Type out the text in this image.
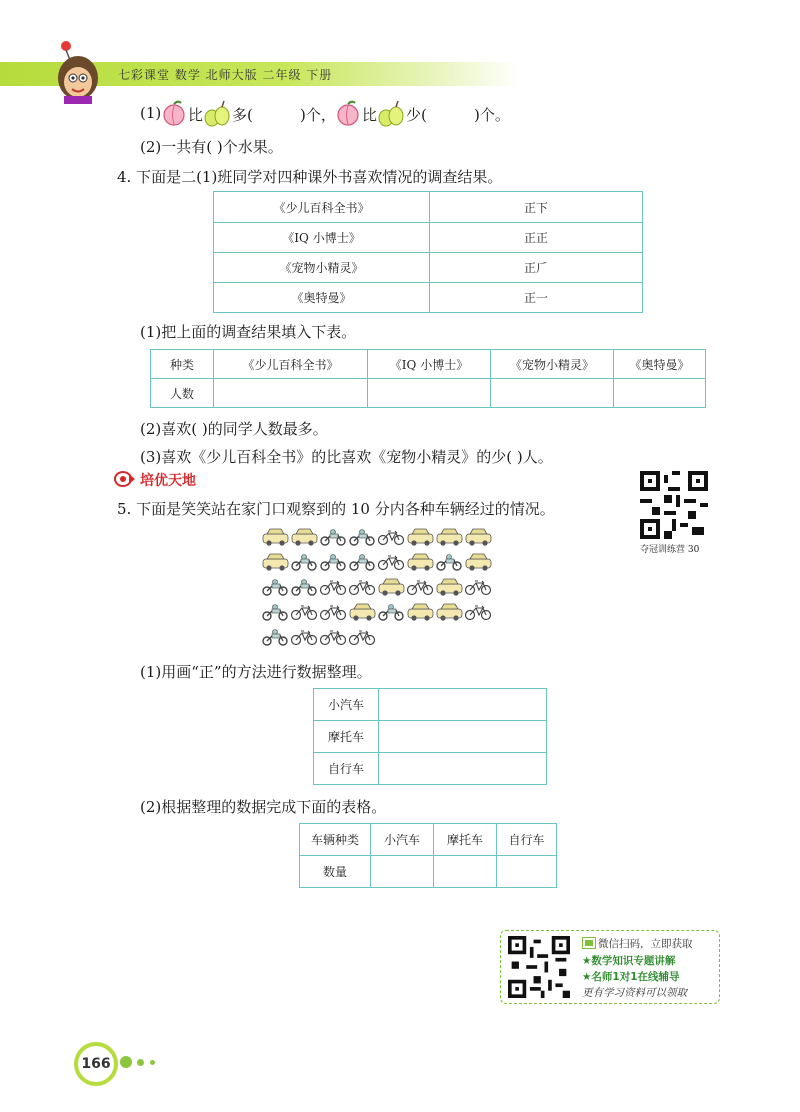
七彩课堂 数学 北师大版 二年级 下册
(1) 比 多(	)个， 比 少(	)个。
(2)一共有( )个水果。
4. 下面是二(1)班同学对四种课外书喜欢情况的调查结果。
《少儿百科全书》	正下
《IQ 小博士》	正正
《宠物小精灵》	正𠂆
《奥特曼》	正⼀
(1)把上面的调查结果填入下表。
种类	《少儿百科全书》	《IQ 小博士》	《宠物小精灵》	《奥特曼》
人数				
(2)喜欢( )的同学人数最多。
(3)喜欢《少儿百科全书》的比喜欢《宠物小精灵》的少( )人。
培优天地
夺冠训练营 30
5. 下面是笑笑站在家门口观察到的 10 分内各种车辆经过的情况。
(1)用画“正”的方法进行数据整理。
小汽车	
摩托车	
自行车	
(2)根据整理的数据完成下面的表格。
车辆种类	小汽车	摩托车	自行车
数量			
微信扫码，立即获取
★数学知识专题讲解
★名师1对1在线辅导
更有学习资料可以领取
166
